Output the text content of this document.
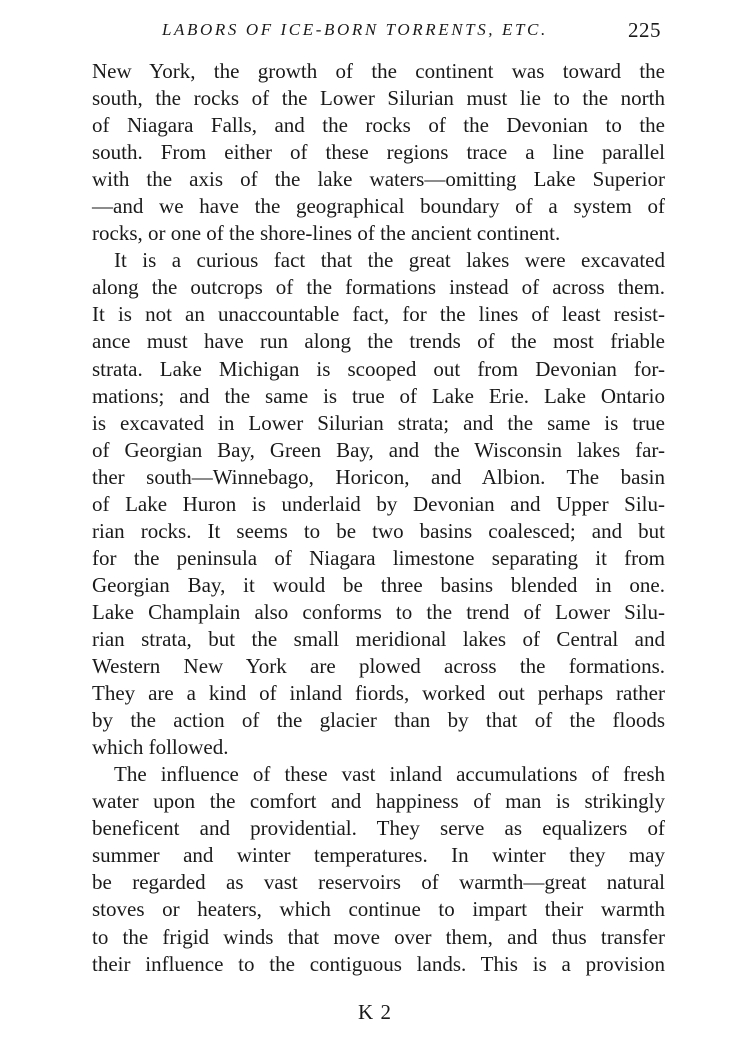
LABORS OF ICE-BORN TORRENTS, ETC.	225
New York, the growth of the continent was toward the
south, the rocks of the Lower Silurian must lie to the north
of Niagara Falls, and the rocks of the Devonian to the
south. From either of these regions trace a line parallel
with the axis of the lake waters—omitting Lake Superior
—and we have the geographical boundary of a system of
rocks, or one of the shore-lines of the ancient continent.
It is a curious fact that the great lakes were excavated
along the outcrops of the formations instead of across them.
It is not an unaccountable fact, for the lines of least resist-
ance must have run along the trends of the most friable
strata. Lake Michigan is scooped out from Devonian for-
mations; and the same is true of Lake Erie. Lake Ontario
is excavated in Lower Silurian strata; and the same is true
of Georgian Bay, Green Bay, and the Wisconsin lakes far-
ther south—Winnebago, Horicon, and Albion. The basin
of Lake Huron is underlaid by Devonian and Upper Silu-
rian rocks. It seems to be two basins coalesced; and but
for the peninsula of Niagara limestone separating it from
Georgian Bay, it would be three basins blended in one.
Lake Champlain also conforms to the trend of Lower Silu-
rian strata, but the small meridional lakes of Central and
Western New York are plowed across the formations.
They are a kind of inland fiords, worked out perhaps rather
by the action of the glacier than by that of the floods
which followed.
The influence of these vast inland accumulations of fresh
water upon the comfort and happiness of man is strikingly
beneficent and providential. They serve as equalizers of
summer and winter temperatures. In winter they may
be regarded as vast reservoirs of warmth—great natural
stoves or heaters, which continue to impart their warmth
to the frigid winds that move over them, and thus transfer
their influence to the contiguous lands. This is a provision
K 2
